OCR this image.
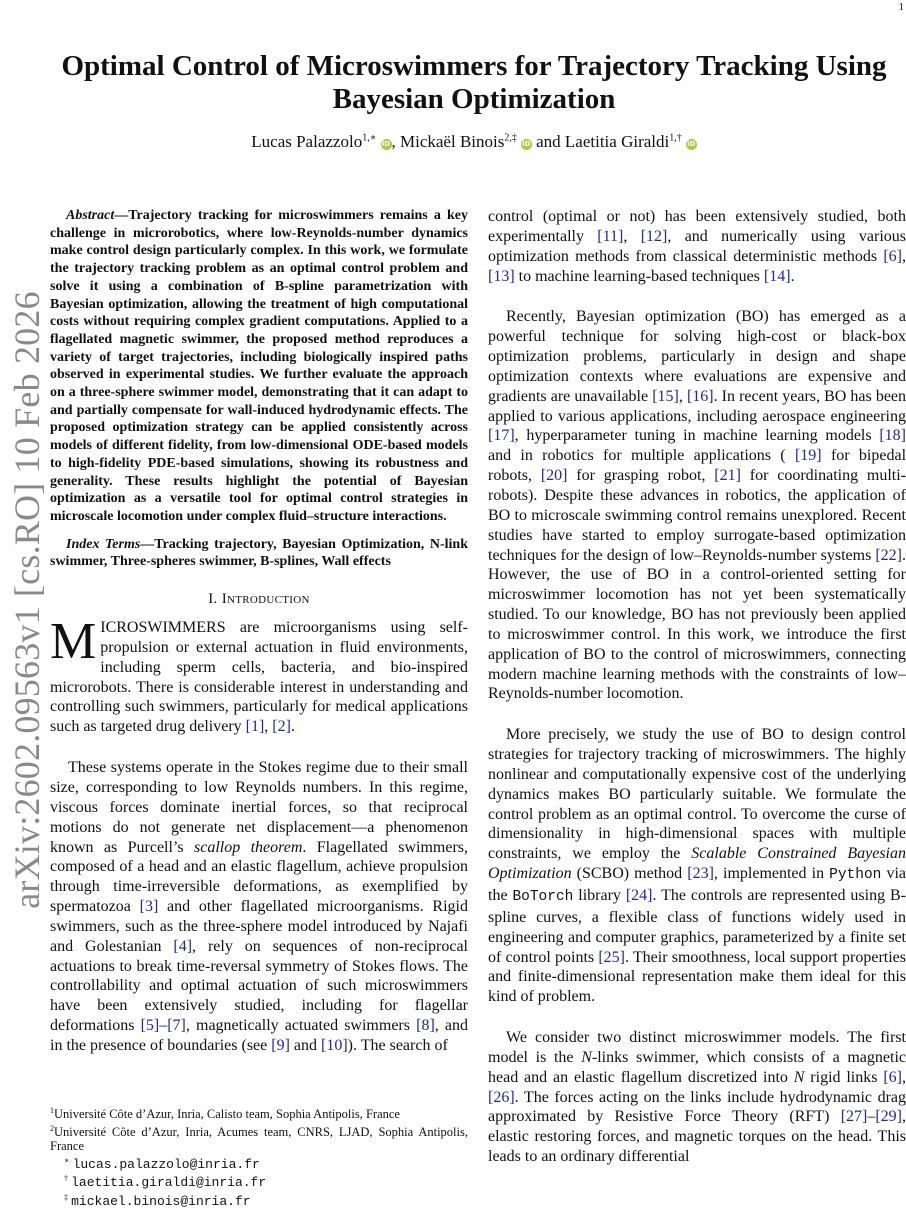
1
arXiv:2602.09563v1 [cs.RO] 10 Feb 2026
Optimal Control of Microswimmers for Trajectory Tracking Using Bayesian Optimization
Lucas Palazzolo$^{1,∗}$iD, Mickaël Binois$^{2,\ddagger}$iD and Laetitia Giraldi$^{1,\dagger}$iD

Abstract—Trajectory tracking for microswimmers remains a key challenge in microrobotics, where low-Reynolds-number dynamics make control design particularly complex. In this work, we formulate the trajectory tracking problem as an optimal control problem and solve it using a combination of B-spline parametrization with Bayesian optimization, allowing the treatment of high computational costs without requiring complex gradient computations. Applied to a flagellated magnetic swimmer, the proposed method reproduces a variety of target trajectories, including biologically inspired paths observed in experimental studies. We further evaluate the approach on a three-sphere swimmer model, demonstrating that it can adapt to and partially compensate for wall-induced hydrodynamic effects. The proposed optimization strategy can be applied consistently across models of different fidelity, from low-dimensional ODE-based models to high-fidelity PDE-based simulations, showing its robustness and generality. These results highlight the potential of Bayesian optimization as a versatile tool for optimal control strategies in microscale locomotion under complex fluid–structure interactions.

Index Terms—Tracking trajectory, Bayesian Optimization, N-link swimmer, Three-spheres swimmer, B-splines, Wall effects

I. Introduction

MICROSWIMMERS are microorganisms using self-propulsion or external actuation in fluid environments, including sperm cells, bacteria, and bio-inspired microrobots. There is considerable interest in understanding and controlling such swimmers, particularly for medical applications such as targeted drug delivery [1], [2].

These systems operate in the Stokes regime due to their small size, corresponding to low Reynolds numbers. In this regime, viscous forces dominate inertial forces, so that reciprocal motions do not generate net displacement—a phenomenon known as Purcell’s scallop theorem. Flagellated swimmers, composed of a head and an elastic flagellum, achieve propulsion through time-irreversible deformations, as exemplified by spermatozoa [3] and other flagellated microorganisms. Rigid swimmers, such as the three-sphere model introduced by Najafi and Golestanian [4], rely on sequences of non-reciprocal actuations to break time-reversal symmetry of Stokes flows. The controllability and optimal actuation of such microswimmers have been extensively studied, including for flagellar deformations [5]–[7], magnetically actuated swimmers [8], and in the presence of boundaries (see [9] and [10]). The search of

control (optimal or not) has been extensively studied, both experimentally [11], [12], and numerically using various optimization methods from classical deterministic methods [6], [13] to machine learning-based techniques [14].

Recently, Bayesian optimization (BO) has emerged as a powerful technique for solving high-cost or black-box optimization problems, particularly in design and shape optimization contexts where evaluations are expensive and gradients are unavailable [15], [16]. In recent years, BO has been applied to various applications, including aerospace engineering [17], hyperparameter tuning in machine learning models [18] and in robotics for multiple applications ( [19] for bipedal robots, [20] for grasping robot, [21] for coordinating multi-robots). Despite these advances in robotics, the application of BO to microscale swimming control remains unexplored. Recent studies have started to employ surrogate-based optimization techniques for the design of low–Reynolds-number systems [22]. However, the use of BO in a control-oriented setting for microswimmer locomotion has not yet been systematically studied. To our knowledge, BO has not previously been applied to microswimmer control. In this work, we introduce the first application of BO to the control of microswimmers, connecting modern machine learning methods with the constraints of low–Reynolds-number locomotion.

More precisely, we study the use of BO to design control strategies for trajectory tracking of microswimmers. The highly nonlinear and computationally expensive cost of the underlying dynamics makes BO particularly suitable. We formulate the control problem as an optimal control. To overcome the curse of dimensionality in high-dimensional spaces with multiple constraints, we employ the Scalable Constrained Bayesian Optimization (SCBO) method [23], implemented in Python via the BoTorch library [24]. The controls are represented using B-spline curves, a flexible class of functions widely used in engineering and computer graphics, parameterized by a finite set of control points [25]. Their smoothness, local support properties and finite-dimensional representation make them ideal for this kind of problem.

We consider two distinct microswimmer models. The first model is the N-links swimmer, which consists of a magnetic head and an elastic flagellum discretized into N rigid links [6], [26]. The forces acting on the links include hydrodynamic drag approximated by Resistive Force Theory (RFT) [27]–[29], elastic restoring forces, and magnetic torques on the head. This leads to an ordinary differential

$^1$Université Côte d’Azur, Inria, Calisto team, Sophia Antipolis, France

$^2$Université Côte d’Azur, Inria, Acumes team, CNRS, LJAD, Sophia Antipolis, France

∗ lucas.palazzolo@inria.fr

† laetitia.giraldi@inria.fr

‡ mickael.binois@inria.fr
